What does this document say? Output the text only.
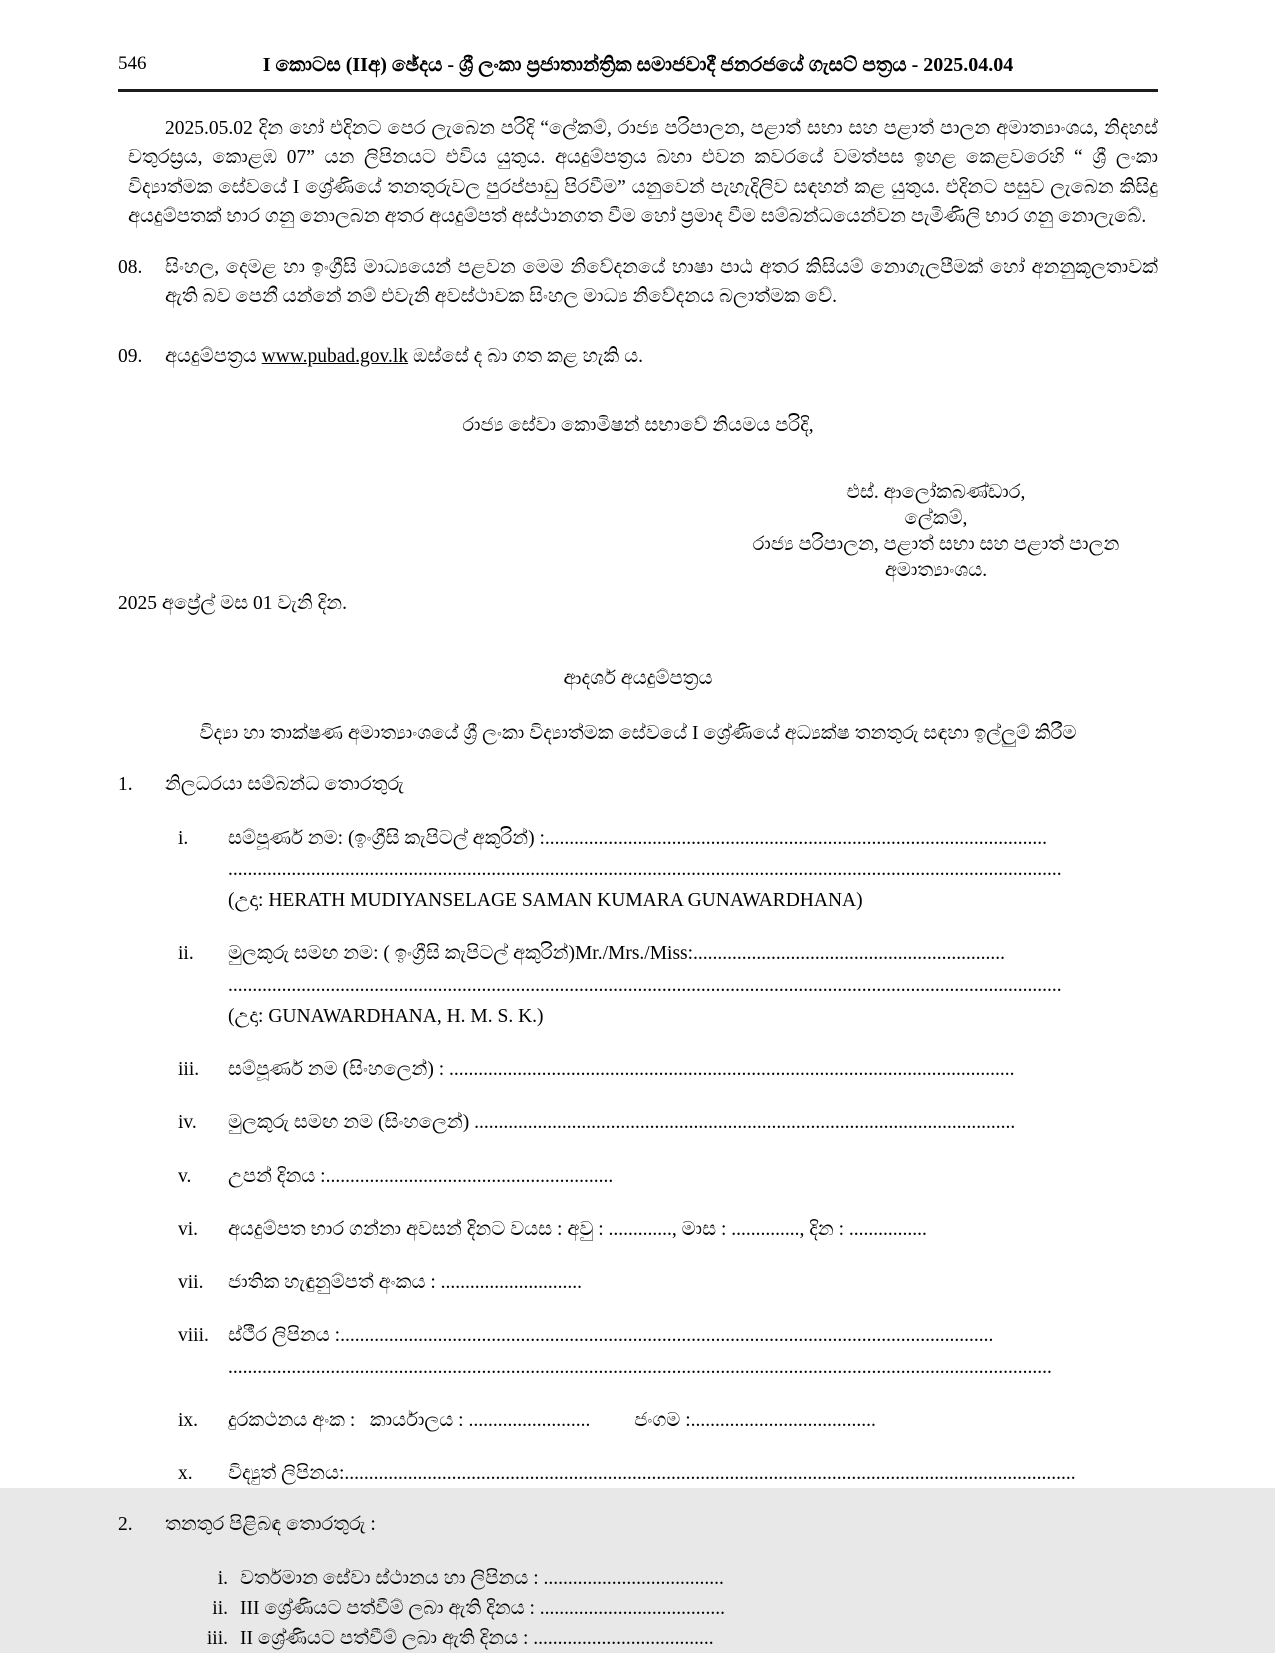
546	I කොටස (IIඅ) ඡේදය - ශ්‍රී ලංකා ප්‍රජාතාන්ත්‍රික සමාජවාදී ජනරජයේ ගැසට් පත්‍රය - 2025.04.04

2025.05.02 දින හෝ එදිනට පෙර ලැබෙන පරිදි “ලේකම්, රාජ්‍ය පරිපාලන, පළාත් සභා සහ පළාත් පාලන අමාත්‍යාංශය, නිදහස් චතුරස්‍රය, කොළඹ 07” යන ලිපිනයට එවිය යුතුය. අයදුම්පත්‍රය බහා එවන කවරයේ වමත්පස ඉහළ කෙළවරෙහි “ ශ්‍රී ලංකා විද්‍යාත්මක සේවයේ I ශ්‍රේණියේ තනතුරුවල පුරප්පාඩු පිරවීම” යනුවෙන් පැහැදිලිව සඳහන් කළ යුතුය. එදිනට පසුව ලැබෙන කිසිදු අයදුම්පතක් භාර ගනු නොලබන අතර අයදුම්පත් අස්ථානගත වීම හෝ ප්‍රමාද වීම සම්බන්ධයෙන්වන පැමිණිලි භාර ගනු නොලැබේ.

08.	සිංහල, දෙමළ හා ඉංග්‍රීසි මාධ්‍යයෙන් පළවන මෙම නිවේදනයේ භාෂා පාඨ අතර කිසියම් නොගැලපීමක් හෝ අනනුකූලතාවක් ඇති බව පෙනී යන්නේ නම් එවැනි අවස්ථාවක සිංහල මාධ්‍ය නිවේදනය බලාත්මක වේ.
09.	අයදුම්පත්‍රය www.pubad.gov.lk ඔස්සේ ද බා ගත කළ හැකි ය.

රාජ්‍ය සේවා කොමිෂන් සභාවේ නියමය පරිදි,

එස්. ආලෝකබණ්ඩාර,
ලේකම්,
රාජ්‍ය පරිපාලන, පළාත් සභා සහ පළාත් පාලන අමාත්‍යාංශය.

2025 අප්‍රේල් මස 01 වැනි දින.

ආදර්ශ අයදුම්පත්‍රය

විද්‍යා හා තාක්ෂණ අමාත්‍යාංශයේ ශ්‍රී ලංකා විද්‍යාත්මක සේවයේ I ශ්‍රේණියේ අධ්‍යක්ෂ තනතුරු සඳහා ඉල්ලුම් කිරීම

1.	නිලධරයා සම්බන්ධ තොරතුරු
i.	සම්පූර්ණ නම: (ඉංග්‍රීසි කැපිටල් අකුරින්) :.......................................................................................................
...........................................................................................................................................................................
(උදා: HERATH MUDIYANSELAGE SAMAN KUMARA GUNAWARDHANA)
ii.	මුලකුරු සමඟ නම: ( ඉංග්‍රීසි කැපිටල් අකුරින්)Mr./Mrs./Miss:................................................................
...........................................................................................................................................................................
(උදා: GUNAWARDHANA, H. M. S. K.)
iii.	සම්පූර්ණ නම (සිංහලෙන්) : ....................................................................................................................
iv.	මුලකුරු සමඟ නම (සිංහලෙන්) ...............................................................................................................
v.	උපන් දිනය :...........................................................
vi.	අයදුම්පත භාර ගන්නා අවසන් දිනට වයස : අවු : ............., මාස : .............., දින : ................
vii.	ජාතික හැඳුනුම්පත් අංකය : .............................
viii. ස්ථීර ලිපිනය :......................................................................................................................................
.........................................................................................................................................................................
ix.	දුරකථනය අංක :   කාර්යාලය : .........................         ජංගම :......................................
x.	විද්‍යුත් ලිපිනය:......................................................................................................................................................
2.	තනතුර පිළිබඳ තොරතුරු :
i. වර්තමාන සේවා ස්ථානය හා ලිපිනය : .....................................
ii. III ශ්‍රේණියට පත්වීම් ලබා ඇති දිනය : ......................................
iii. II ශ්‍රේණියට පත්වීම් ලබා ඇති දිනය : .....................................
